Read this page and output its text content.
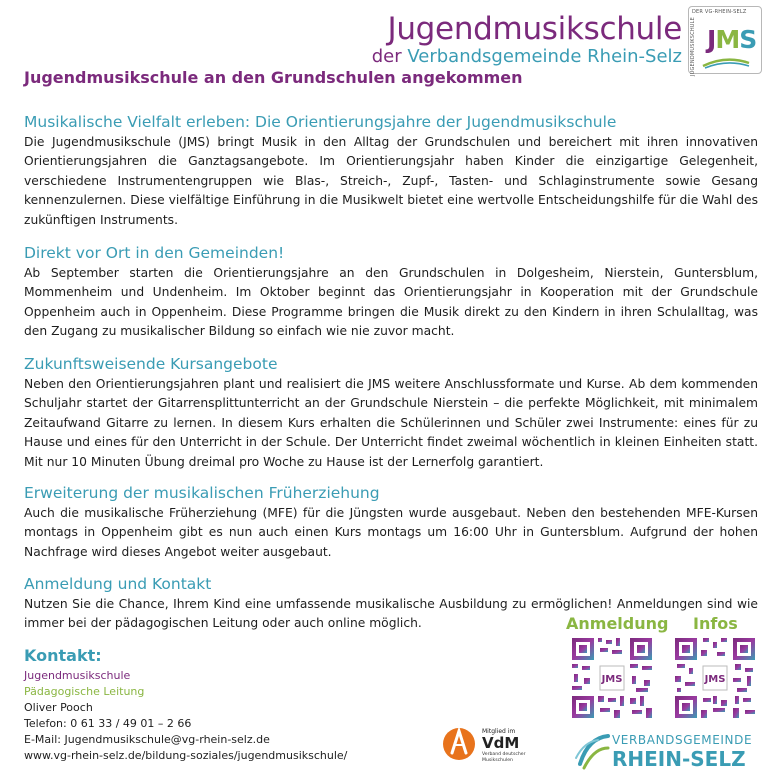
Jugendmusikschule
der Verbandsgemeinde Rhein-Selz
DER VG-RHEIN-SELZ
JUGENDMUSIKSCHULE JMS
Jugendmusikschule an den Grundschulen angekommen
Musikalische Vielfalt erleben: Die Orientierungsjahre der Jugendmusikschule

Die Jugendmusikschule (JMS) bringt Musik in den Alltag der Grundschulen und bereichert mit ihren innovativen Orientierungsjahren die Ganztagsangebote. Im Orientierungsjahr haben Kinder die einzigartige Gelegenheit, verschiedene Instrumentengruppen wie Blas-, Streich-, Zupf-, Tasten- und Schlaginstrumente sowie Gesang kennenzulernen. Diese vielfältige Einführung in die Musikwelt bietet eine wertvolle Entscheidungshilfe für die Wahl des zukünftigen Instruments.

Direkt vor Ort in den Gemeinden!

Ab September starten die Orientierungsjahre an den Grundschulen in Dolgesheim, Nierstein, Guntersblum, Mommenheim und Undenheim. Im Oktober beginnt das Orientierungsjahr in Kooperation mit der Grundschule Oppenheim auch in Oppenheim. Diese Programme bringen die Musik direkt zu den Kindern in ihren Schulalltag, was den Zugang zu musikalischer Bildung so einfach wie nie zuvor macht.

Zukunftsweisende Kursangebote

Neben den Orientierungsjahren plant und realisiert die JMS weitere Anschlussformate und Kurse. Ab dem kommenden Schuljahr startet der Gitarrensplittunterricht an der Grundschule Nierstein – die perfekte Möglichkeit, mit minimalem Zeitaufwand Gitarre zu lernen. In diesem Kurs erhalten die Schülerinnen und Schüler zwei Instrumente: eines für zu Hause und eines für den Unterricht in der Schule. Der Unterricht findet zweimal wöchentlich in kleinen Einheiten statt. Mit nur 10 Minuten Übung dreimal pro Woche zu Hause ist der Lernerfolg garantiert.

Erweiterung der musikalischen Früherziehung

Auch die musikalische Früherziehung (MFE) für die Jüngsten wurde ausgebaut. Neben den bestehenden MFE-Kursen montags in Oppenheim gibt es nun auch einen Kurs montags um 16:00 Uhr in Guntersblum. Aufgrund der hohen Nachfrage wird dieses Angebot weiter ausgebaut.

Anmeldung und Kontakt

Nutzen Sie die Chance, Ihrem Kind eine umfassende musikalische Ausbildung zu ermöglichen! Anmeldungen sind wie immer bei der pädagogischen Leitung oder auch online möglich.

Kontakt:
Jugendmusikschule
Pädagogische Leitung
Oliver Pooch
Telefon: 0 61 33 / 49 01 – 2 66
E-Mail: Jugendmusikschule@vg-rhein-selz.de
www.vg-rhein-selz.de/bildung-soziales/jugendmusikschule/
Anmeldung Infos
JMS	JMS
Mitglied im
VdM
Verband deutscher
Musikschulen
VERBANDSGEMEINDE
RHEIN-SELZ
